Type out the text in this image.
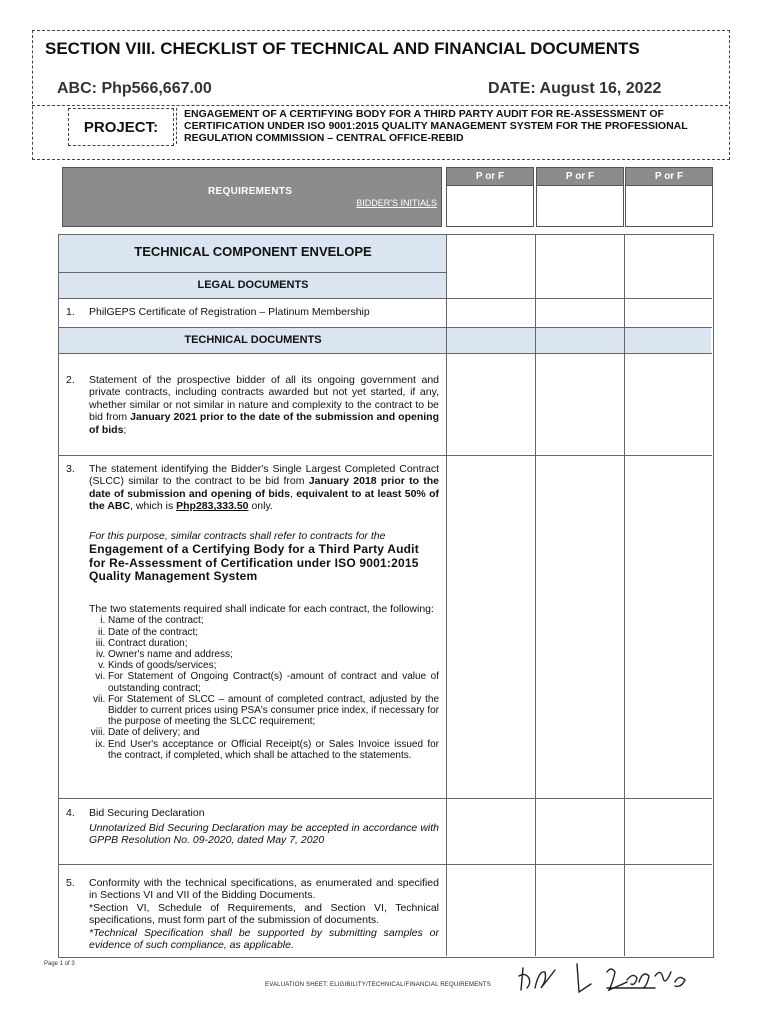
SECTION VIII. CHECKLIST OF TECHNICAL AND FINANCIAL DOCUMENTS
ABC: Php566,667.00	DATE: August 16, 2022
PROJECT:
ENGAGEMENT OF A CERTIFYING BODY FOR A THIRD PARTY AUDIT FOR RE-ASSESSMENT OF CERTIFICATION UNDER ISO 9001:2015 QUALITY MANAGEMENT SYSTEM FOR THE PROFESSIONAL REGULATION COMMISSION – CENTRAL OFFICE-REBID
REQUIREMENTS
BIDDER'S INITIALS
P or F	P or F	P or F
TECHNICAL COMPONENT ENVELOPE
LEGAL DOCUMENTS
TECHNICAL DOCUMENTS
1. PhilGEPS Certificate of Registration – Platinum Membership
2. Statement of the prospective bidder of all its ongoing government and private contracts, including contracts awarded but not yet started, if any, whether similar or not similar in nature and complexity to the contract to be bid from January 2021 prior to the date of the submission and opening of bids;
3. The statement identifying the Bidder's Single Largest Completed Contract (SLCC) similar to the contract to be bid from January 2018 prior to the date of submission and opening of bids, equivalent to at least 50% of the ABC, which is Php283,333.50 only.
For this purpose, similar contracts shall refer to contracts for the
Engagement of a Certifying Body for a Third Party Audit for Re-Assessment of Certification under ISO 9001:2015 Quality Management System
The two statements required shall indicate for each contract, the following:
i. Name of the contract;
ii. Date of the contract;
iii. Contract duration;
iv. Owner's name and address;
v. Kinds of goods/services;
vi. For Statement of Ongoing Contract(s) -amount of contract and value of outstanding contract;
vii. For Statement of SLCC – amount of completed contract, adjusted by the Bidder to current prices using PSA's consumer price index, if necessary for the purpose of meeting the SLCC requirement;
viii. Date of delivery; and
ix. End User's acceptance or Official Receipt(s) or Sales Invoice issued for the contract, if completed, which shall be attached to the statements.
4. Bid Securing Declaration
Unnotarized Bid Securing Declaration may be accepted in accordance with GPPB Resolution No. 09-2020, dated May 7, 2020
5. Conformity with the technical specifications, as enumerated and specified in Sections VI and VII of the Bidding Documents.
*Section VI, Schedule of Requirements, and Section VI, Technical specifications, must form part of the submission of documents.
*Technical Specification shall be supported by submitting samples or evidence of such compliance, as applicable.
Page 1 of 3
EVALUATION SHEET: ELIGIBILITY/TECHNICAL/FINANCIAL REQUIREMENTS
